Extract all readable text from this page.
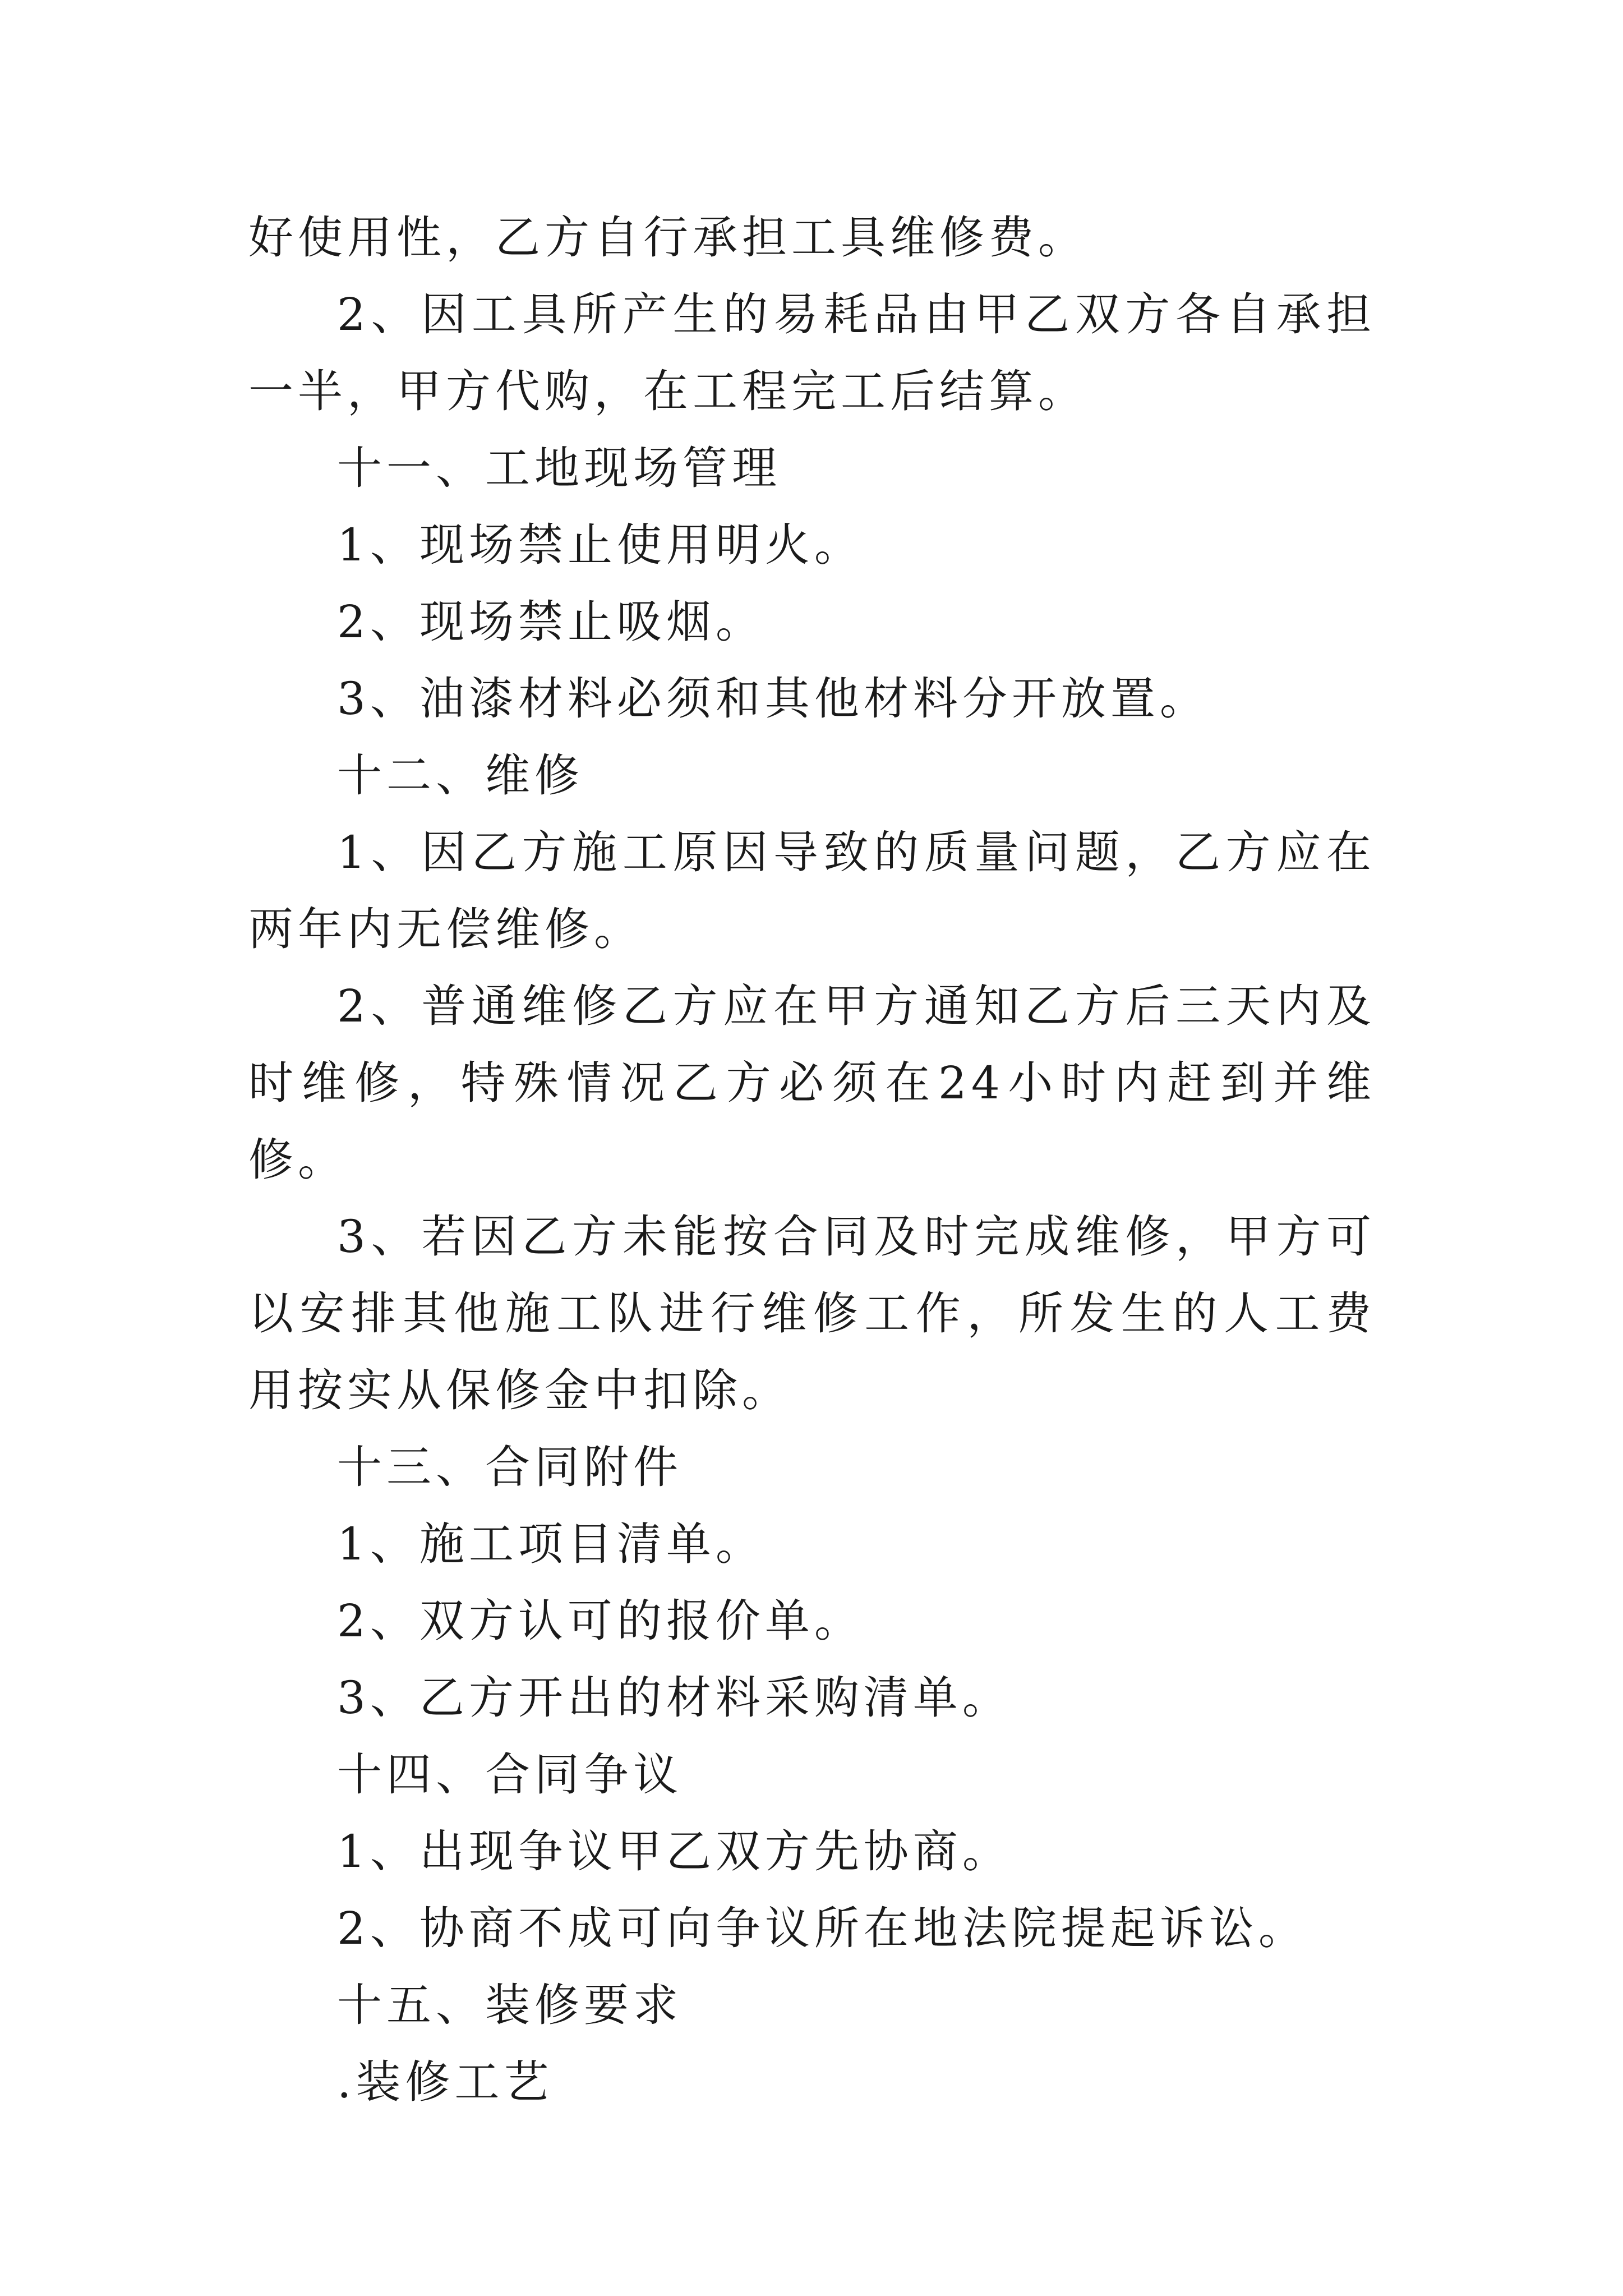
好使用性，乙方自行承担工具维修费。

2、因工具所产生的易耗品由甲乙双方各自承担一半，甲方代购，在工程完工后结算。

十一、工地现场管理

1、现场禁止使用明火。

2、现场禁止吸烟。

3、油漆材料必须和其他材料分开放置。

十二、维修

1、因乙方施工原因导致的质量问题，乙方应在两年内无偿维修。

2、普通维修乙方应在甲方通知乙方后三天内及时维修，特殊情况乙方必须在24小时内赶到并维修。

3、若因乙方未能按合同及时完成维修，甲方可以安排其他施工队进行维修工作，所发生的人工费用按实从保修金中扣除。

十三、合同附件

1、施工项目清单。

2、双方认可的报价单。

3、乙方开出的材料采购清单。

十四、合同争议

1、出现争议甲乙双方先协商。

2、协商不成可向争议所在地法院提起诉讼。

十五、装修要求

.装修工艺
